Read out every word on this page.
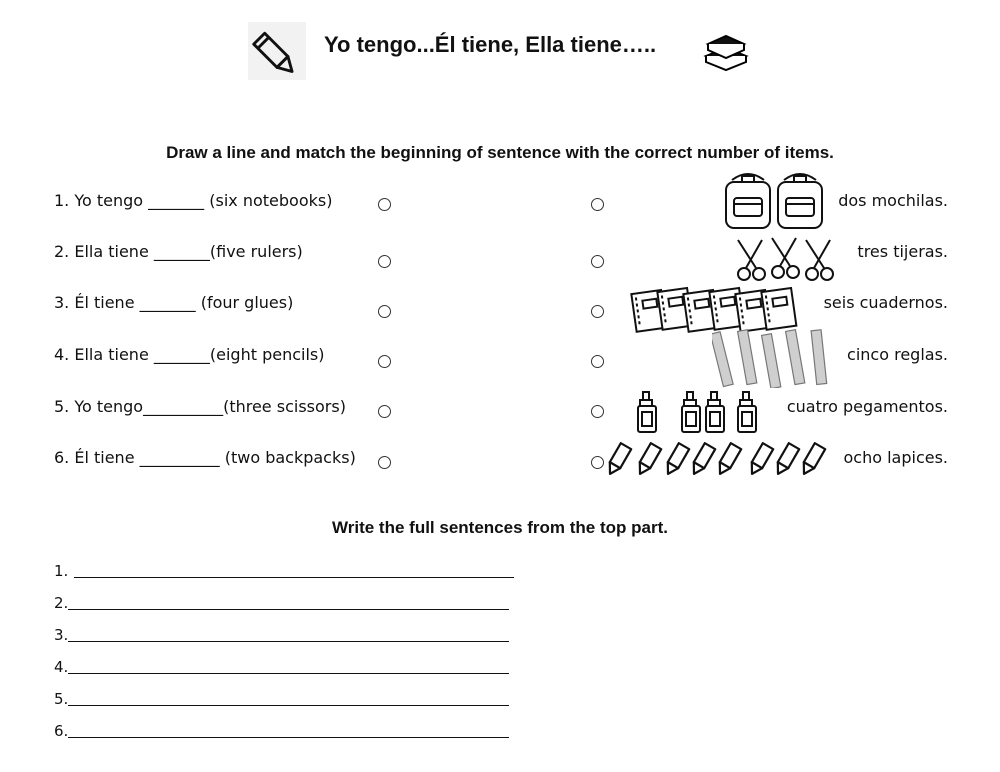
Yo tengo...Él tiene, Ella tiene…..
Draw a line and match the beginning of sentence with the correct number of items.
1. Yo tengo _______ (six notebooks)
2. Ella tiene _______(five rulers)
3. Él tiene _______ (four glues)
4. Ella tiene _______(eight pencils)
5. Yo tengo__________(three scissors)
6. Él tiene __________ (two backpacks)
dos mochilas.
tres tijeras.
seis cuadernos.
cinco reglas.
cuatro pegamentos.
ocho lapices.
Write the full sentences from the top part.
1.
2.
3.
4.
5.
6.
